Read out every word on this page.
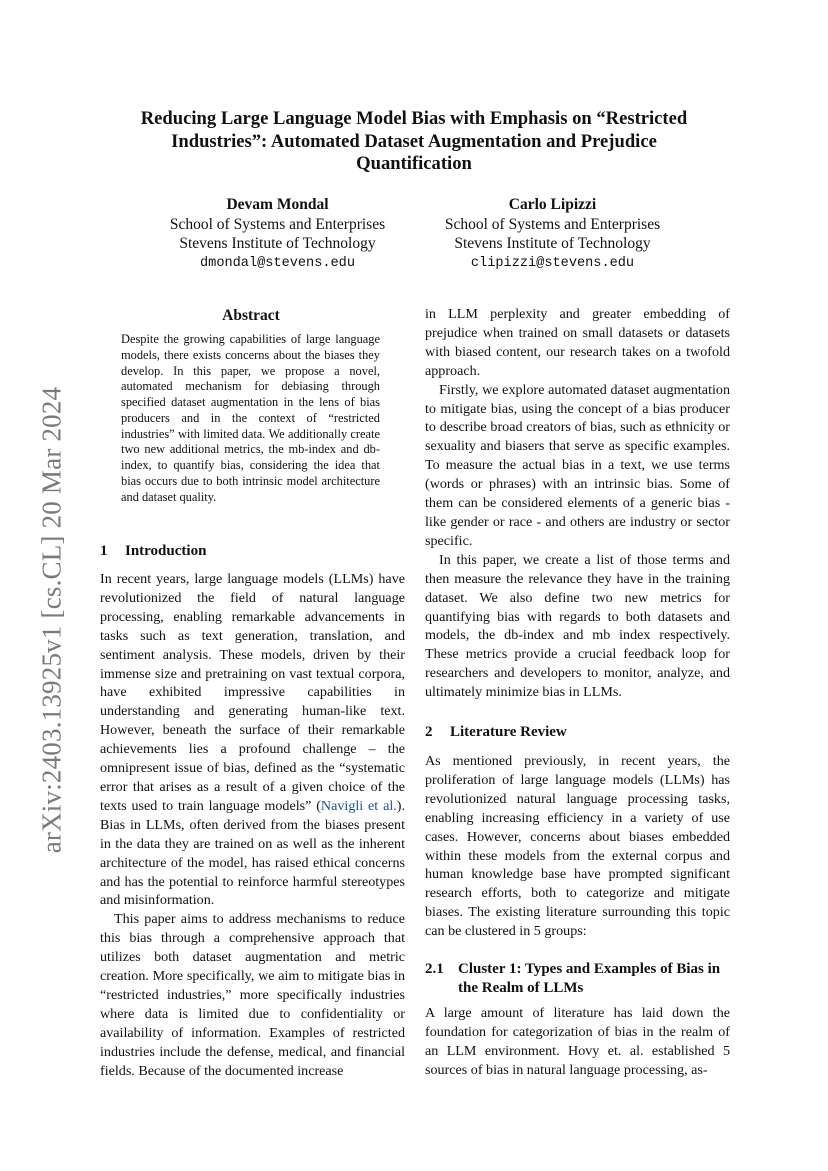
arXiv:2403.13925v1 [cs.CL] 20 Mar 2024
Reducing Large Language Model Bias with Emphasis on “Restricted
Industries”: Automated Dataset Augmentation and Prejudice
Quantification
Devam Mondal
School of Systems and Enterprises
Stevens Institute of Technology
dmondal@stevens.edu
Carlo Lipizzi
School of Systems and Enterprises
Stevens Institute of Technology
clipizzi@stevens.edu
Abstract
Despite the growing capabilities of large language models, there exists concerns about the biases they develop. In this paper, we propose a novel, automated mechanism for debiasing through specified dataset augmentation in the lens of bias producers and in the context of “restricted industries” with limited data. We additionally create two new additional metrics, the mb-index and db-index, to quantify bias, considering the idea that bias occurs due to both intrinsic model architecture and dataset quality.
1 Introduction

In recent years, large language models (LLMs) have revolutionized the field of natural language processing, enabling remarkable advancements in tasks such as text generation, translation, and sentiment analysis. These models, driven by their immense size and pretraining on vast textual corpora, have exhibited impressive capabilities in understanding and generating human-like text. However, beneath the surface of their remarkable achievements lies a profound challenge – the omnipresent issue of bias, defined as the “systematic error that arises as a result of a given choice of the texts used to train language models” (Navigli et al.). Bias in LLMs, often derived from the biases present in the data they are trained on as well as the inherent architecture of the model, has raised ethical concerns and has the potential to reinforce harmful stereotypes and misinformation.

This paper aims to address mechanisms to reduce this bias through a comprehensive approach that utilizes both dataset augmentation and metric creation. More specifically, we aim to mitigate bias in “restricted industries,” more specifically industries where data is limited due to confidentiality or availability of information. Examples of restricted industries include the defense, medical, and financial fields. Because of the documented increase

in LLM perplexity and greater embedding of prejudice when trained on small datasets or datasets with biased content, our research takes on a twofold approach.

Firstly, we explore automated dataset augmentation to mitigate bias, using the concept of a bias producer to describe broad creators of bias, such as ethnicity or sexuality and biasers that serve as specific examples. To measure the actual bias in a text, we use terms (words or phrases) with an intrinsic bias. Some of them can be considered elements of a generic bias - like gender or race - and others are industry or sector specific.

In this paper, we create a list of those terms and then measure the relevance they have in the training dataset. We also define two new metrics for quantifying bias with regards to both datasets and models, the db-index and mb index respectively. These metrics provide a crucial feedback loop for researchers and developers to monitor, analyze, and ultimately minimize bias in LLMs.

2 Literature Review

As mentioned previously, in recent years, the proliferation of large language models (LLMs) has revolutionized natural language processing tasks, enabling increasing efficiency in a variety of use cases. However, concerns about biases embedded within these models from the external corpus and human knowledge base have prompted significant research efforts, both to categorize and mitigate biases. The existing literature surrounding this topic can be clustered in 5 groups:

2.1 Cluster 1: Types and Examples of Bias in
the Realm of LLMs

A large amount of literature has laid down the foundation for categorization of bias in the realm of an LLM environment. Hovy et. al. established 5 sources of bias in natural language processing, as-
